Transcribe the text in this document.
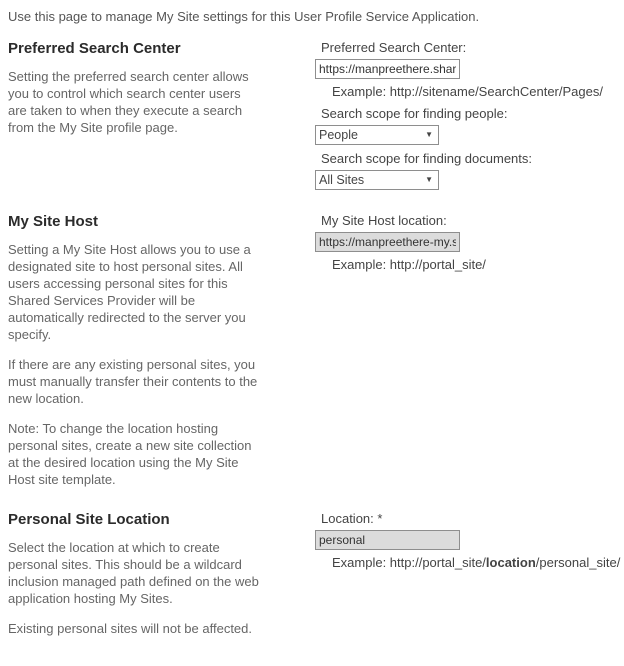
Use this page to manage My Site settings for this User Profile Service Application.

Preferred Search Center

Setting the preferred search center allows you to control which search center users are taken to when they execute a search from the My Site profile page.

Preferred Search Center:
https://manpreethere.sharepo
Example: http://sitename/SearchCenter/Pages/
Search scope for finding people:
People
▼
Search scope for finding documents:
All Sites
▼
My Site Host

Setting a My Site Host allows you to use a designated site to host personal sites. All users accessing personal sites for this Shared Services Provider will be automatically redirected to the server you specify.

If there are any existing personal sites, you must manually transfer their contents to the new location.

Note: To change the location hosting personal sites, create a new site collection at the desired location using the My Site Host site template.

My Site Host location:
https://manpreethere-my.shar
Example: http://portal_site/
Personal Site Location

Select the location at which to create personal sites. This should be a wildcard inclusion managed path defined on the web application hosting My Sites.

Existing personal sites will not be affected.

Location: *
personal
Example: http://portal_site/location/personal_site/
